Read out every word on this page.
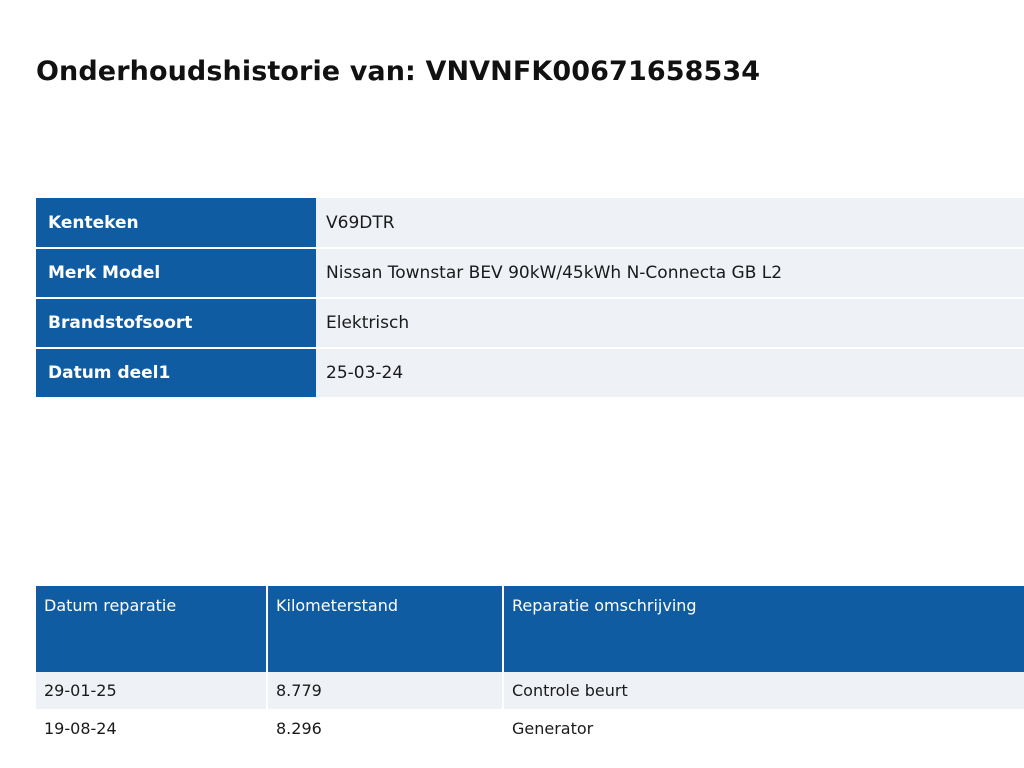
Onderhoudshistorie van: VNVNFK00671658534
Kenteken	V69DTR
Merk Model	Nissan Townstar BEV 90kW/45kWh N-Connecta GB L2
Brandstofsoort	Elektrisch
Datum deel1	25-03-24
Datum reparatie	Kilometerstand	Reparatie omschrijving
29-01-25	8.779	Controle beurt
19-08-24	8.296	Generator
